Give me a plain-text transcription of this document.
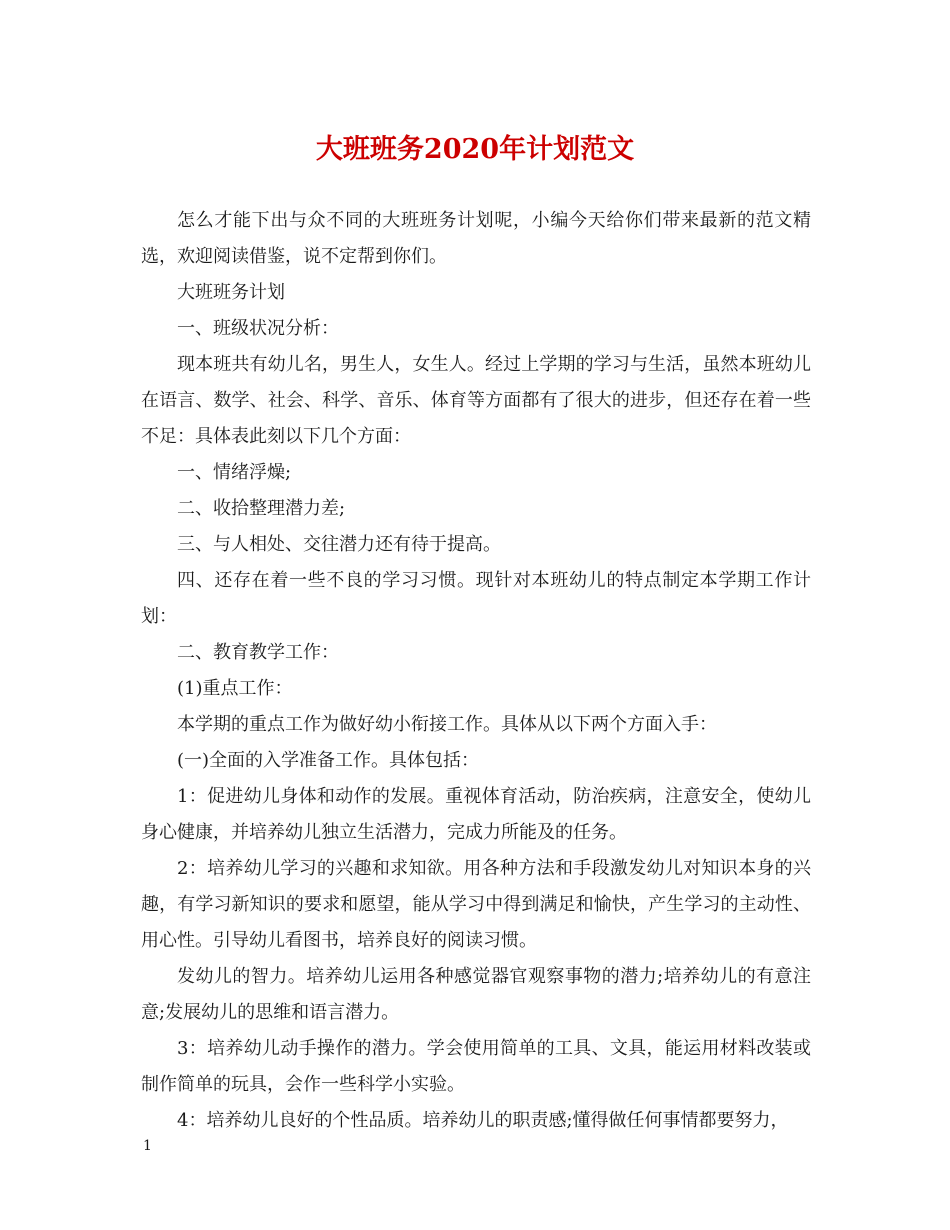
大班班务2020年计划范文

怎么才能下出与众不同的大班班务计划呢，小编今天给你们带来最新的范文精选，欢迎阅读借鉴，说不定帮到你们。

大班班务计划

一、班级状况分析：

现本班共有幼儿名，男生人，女生人。经过上学期的学习与生活，虽然本班幼儿在语言、数学、社会、科学、音乐、体育等方面都有了很大的进步，但还存在着一些不足：具体表此刻以下几个方面：

一、情绪浮燥;

二、收拾整理潜力差;

三、与人相处、交往潜力还有待于提高。

四、还存在着一些不良的学习习惯。现针对本班幼儿的特点制定本学期工作计划：

二、教育教学工作：

(1)重点工作：

本学期的重点工作为做好幼小衔接工作。具体从以下两个方面入手：

(一)全面的入学准备工作。具体包括：

1：促进幼儿身体和动作的发展。重视体育活动，防治疾病，注意安全，使幼儿身心健康，并培养幼儿独立生活潜力，完成力所能及的任务。

2：培养幼儿学习的兴趣和求知欲。用各种方法和手段激发幼儿对知识本身的兴趣，有学习新知识的要求和愿望，能从学习中得到满足和愉快，产生学习的主动性、用心性。引导幼儿看图书，培养良好的阅读习惯。

发幼儿的智力。培养幼儿运用各种感觉器官观察事物的潜力;培养幼儿的有意注意;发展幼儿的思维和语言潜力。

3：培养幼儿动手操作的潜力。学会使用简单的工具、文具，能运用材料改装或制作简单的玩具，会作一些科学小实验。

4：培养幼儿良好的个性品质。培养幼儿的职责感;懂得做任何事情都要努力，

1
